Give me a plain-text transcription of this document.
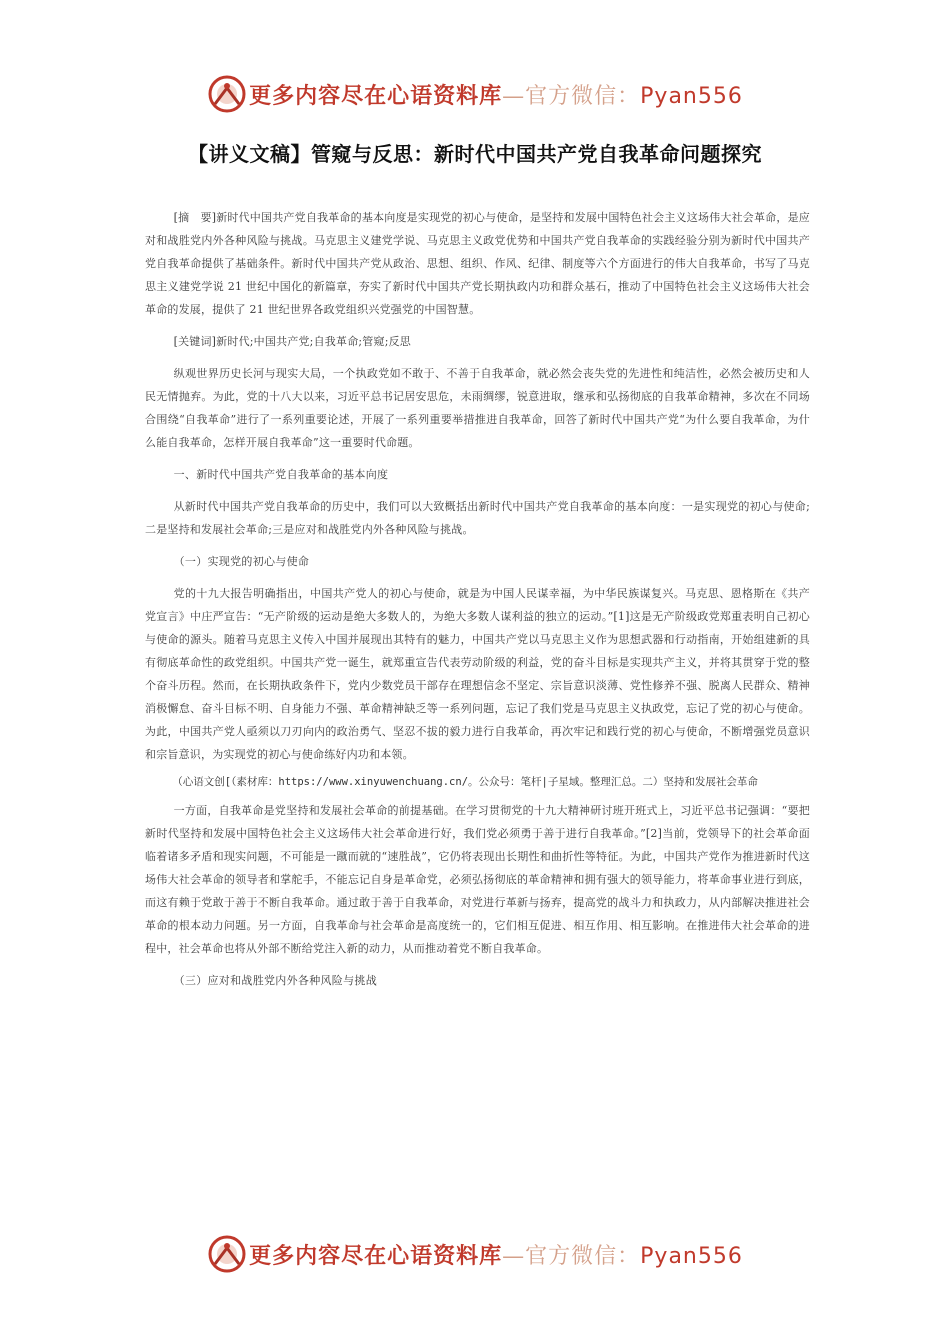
更多内容尽在心语资料库—官方微信：Pyan556
【讲义文稿】管窥与反思：新时代中国共产党自我革命问题探究

[摘　要]新时代中国共产党自我革命的基本向度是实现党的初心与使命，是坚持和发展中国特色社会主义这场伟大社会革命，是应对和战胜党内外各种风险与挑战。马克思主义建党学说、马克思主义政党优势和中国共产党自我革命的实践经验分别为新时代中国共产党自我革命提供了基础条件。新时代中国共产党从政治、思想、组织、作风、纪律、制度等六个方面进行的伟大自我革命，书写了马克思主义建党学说 21 世纪中国化的新篇章，夯实了新时代中国共产党长期执政内功和群众基石，推动了中国特色社会主义这场伟大社会革命的发展，提供了 21 世纪世界各政党组织兴党强党的中国智慧。

[关键词]新时代;中国共产党;自我革命;管窥;反思

纵观世界历史长河与现实大局，一个执政党如不敢于、不善于自我革命，就必然会丧失党的先进性和纯洁性，必然会被历史和人民无情抛弃。为此，党的十八大以来，习近平总书记居安思危，未雨绸缪，锐意进取，继承和弘扬彻底的自我革命精神，多次在不同场合围绕“自我革命”进行了一系列重要论述，开展了一系列重要举措推进自我革命，回答了新时代中国共产党“为什么要自我革命，为什么能自我革命，怎样开展自我革命”这一重要时代命题。

一、新时代中国共产党自我革命的基本向度

从新时代中国共产党自我革命的历史中，我们可以大致概括出新时代中国共产党自我革命的基本向度：一是实现党的初心与使命;二是坚持和发展社会革命;三是应对和战胜党内外各种风险与挑战。

（一）实现党的初心与使命

党的十九大报告明确指出，中国共产党人的初心与使命，就是为中国人民谋幸福，为中华民族谋复兴。马克思、恩格斯在《共产党宣言》中庄严宣告：“无产阶级的运动是绝大多数人的，为绝大多数人谋利益的独立的运动。”[1]这是无产阶级政党郑重表明自己初心与使命的源头。随着马克思主义传入中国并展现出其特有的魅力，中国共产党以马克思主义作为思想武器和行动指南，开始组建新的具有彻底革命性的政党组织。中国共产党一诞生，就郑重宣告代表劳动阶级的利益，党的奋斗目标是实现共产主义，并将其贯穿于党的整个奋斗历程。然而，在长期执政条件下，党内少数党员干部存在理想信念不坚定、宗旨意识淡薄、党性修养不强、脱离人民群众、精神消极懈怠、奋斗目标不明、自身能力不强、革命精神缺乏等一系列问题，忘记了我们党是马克思主义执政党，忘记了党的初心与使命。为此，中国共产党人亟须以刀刃向内的政治勇气、坚忍不拔的毅力进行自我革命，再次牢记和践行党的初心与使命，不断增强党员意识和宗旨意识，为实现党的初心与使命练好内功和本领。

（心语文创[（素材库：https://www.xinyuwenchuang.cn/。公众号：笔杆|子星域。整理汇总。二）坚持和发展社会革命

一方面，自我革命是党坚持和发展社会革命的前提基础。在学习贯彻党的十九大精神研讨班开班式上，习近平总书记强调：“要把新时代坚持和发展中国特色社会主义这场伟大社会革命进行好，我们党必须勇于善于进行自我革命。”[2]当前，党领导下的社会革命面临着诸多矛盾和现实问题，不可能是一蹴而就的“速胜战”，它仍将表现出长期性和曲折性等特征。为此，中国共产党作为推进新时代这场伟大社会革命的领导者和掌舵手，不能忘记自身是革命党，必须弘扬彻底的革命精神和拥有强大的领导能力，将革命事业进行到底，而这有赖于党敢于善于不断自我革命。通过敢于善于自我革命，对党进行革新与扬弃，提高党的战斗力和执政力，从内部解决推进社会革命的根本动力问题。另一方面，自我革命与社会革命是高度统一的，它们相互促进、相互作用、相互影响。在推进伟大社会革命的进程中，社会革命也将从外部不断给党注入新的动力，从而推动着党不断自我革命。

（三）应对和战胜党内外各种风险与挑战

更多内容尽在心语资料库—官方微信：Pyan556
